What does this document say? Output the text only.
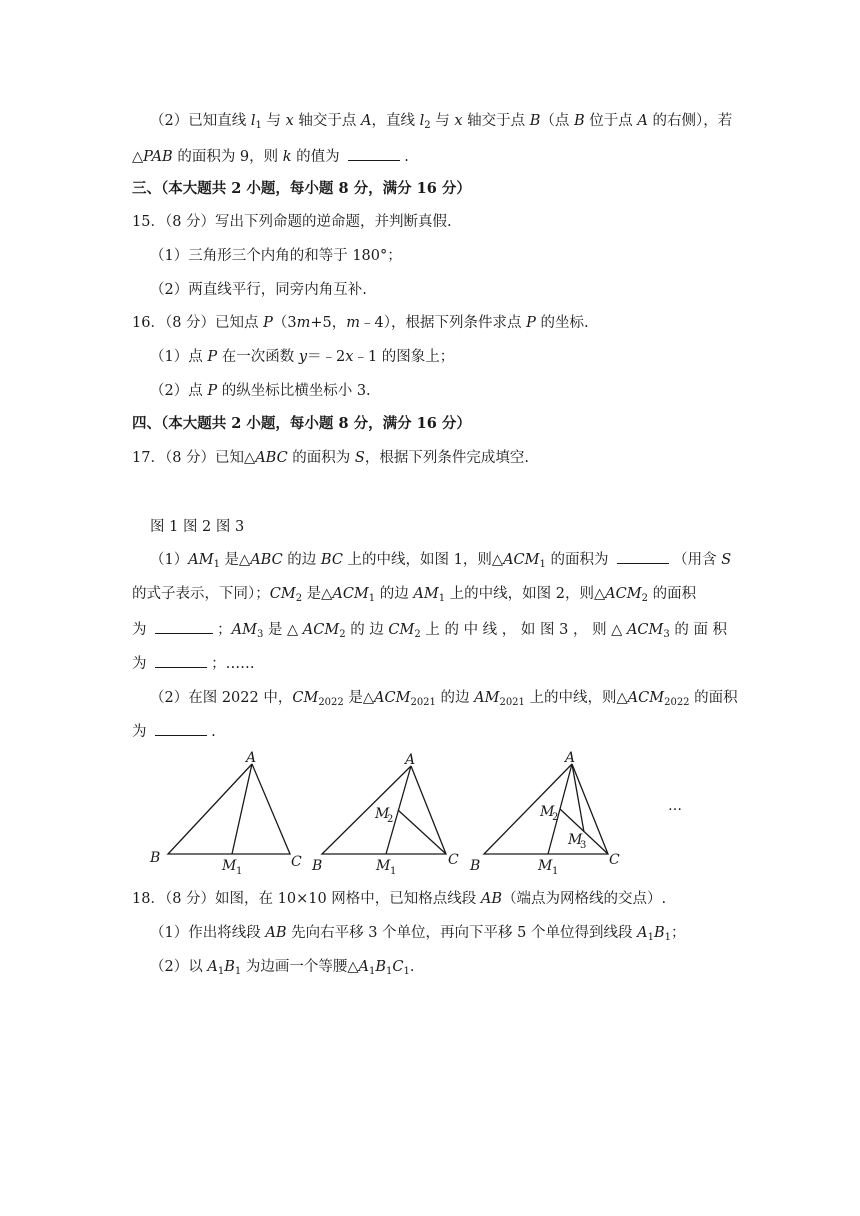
（2）已知直线 $l_1$ 与 x 轴交于点 A，直线 $l_2$ 与 x 轴交于点 B（点 B 位于点 A 的右侧），若
△PAB 的面积为 9，则 k 的值为	.
三、（本大题共 2 小题，每小题 8 分，满分 16 分）
15．（8 分）写出下列命题的逆命题，并判断真假.
（1）三角形三个内角的和等于 180°；
（2）两直线平行，同旁内角互补.
16．（8 分）已知点 P（3m+5，m﹣4），根据下列条件求点 P 的坐标.
（1）点 P 在一次函数 y＝﹣2x﹣1 的图象上；
（2）点 P 的纵坐标比横坐标小 3.
四、（本大题共 2 小题，每小题 8 分，满分 16 分）
17．（8 分）已知△ABC 的面积为 S，根据下列条件完成填空.
图 1 图 2 图 3
$(1)AM_1$ 是△ABC 的边 BC 上的中线，如图 1，则$\triangle ACM_1$ 的面积为	（用含 S
的式子表示，下同）；$CM_2$ 是$\triangle ACM_1$ 的边 $AM_1$ 上的中线，如图 2，则$\triangle ACM_2$ 的面积
为	；$AM_3$ 是 △ $ACM_2$ 的 边 $CM_2$ 上 的 中 线 ， 如 图 3 ， 则 △ $ACM_3$ 的 面 积
为	；……
（2）在图 2022 中，$CM_{2022}$ 是$\triangle ACM_{2021}$ 的边 $AM_{2021}$ 上的中线，则$\triangle ACM_{2022}$ 的面积
为	.
A
B	C
M 1
A
B	C
M
2
M 1
A
B	C
M
2
M
3
M 1
…
18．（8 分）如图，在 10×10 网格中，已知格点线段 AB（端点为网格线的交点）.
（1）作出将线段 AB 先向右平移 3 个单位，再向下平移 5 个单位得到线段 $A_1B_1$；
（2）以 $A_1B_1$ 为边画一个等腰$\triangle A_1B_1C_1$.
